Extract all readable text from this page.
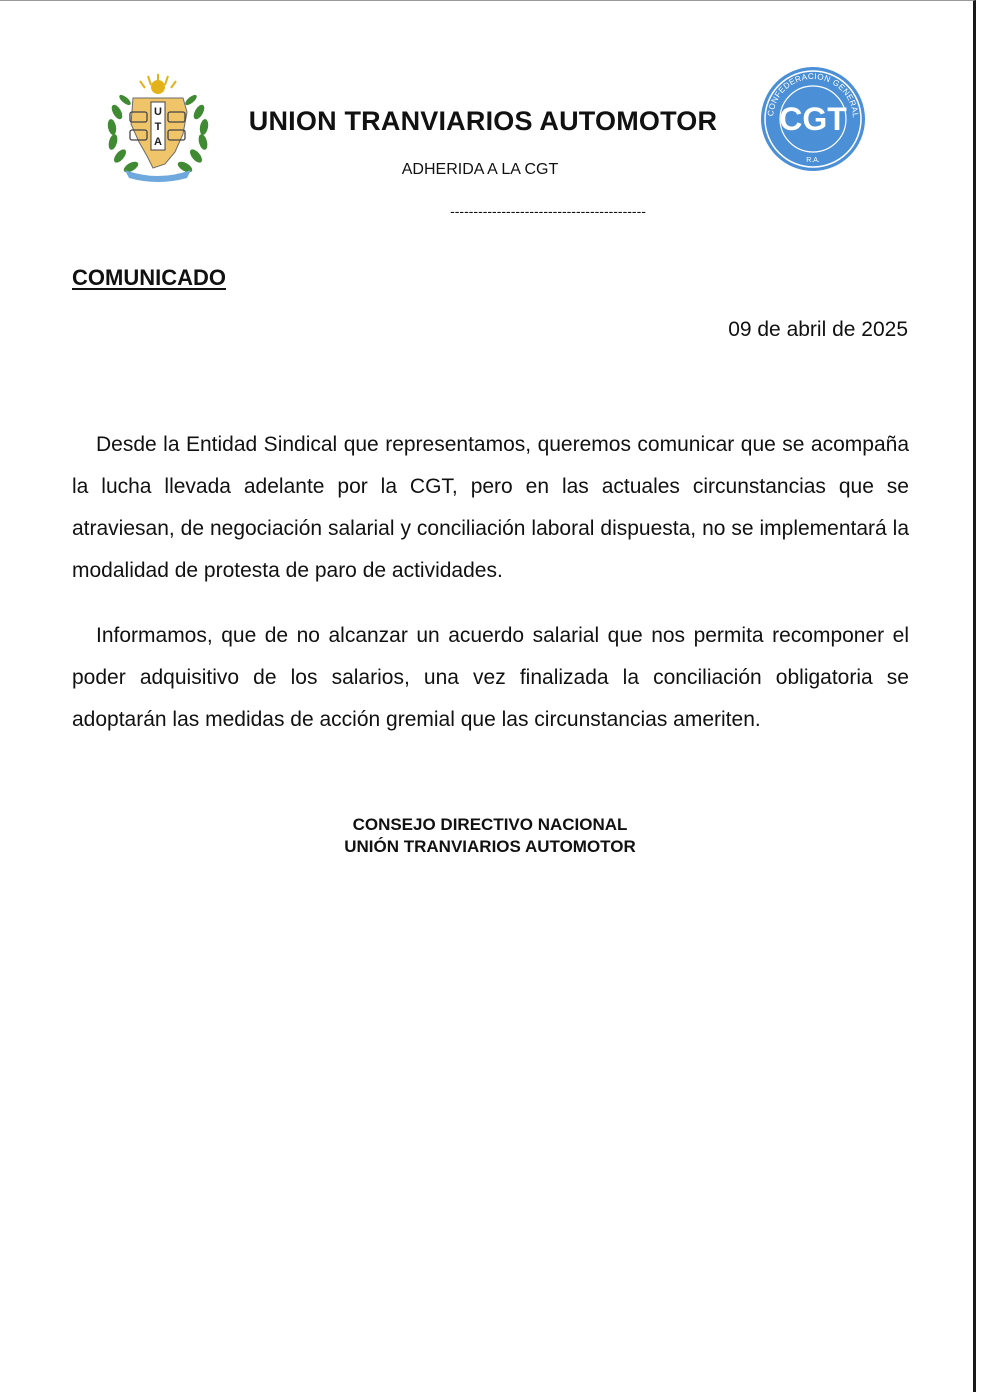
U
T
A
CONFEDERACION GENERAL
CGT
R.A.
UNION TRANVIARIOS AUTOMOTOR
ADHERIDA A LA CGT
------------------------------------------
COMUNICADO
09 de abril de 2025

Desde la Entidad Sindical que representamos, queremos comunicar que se acompaña la lucha llevada adelante por la CGT, pero en las actuales circunstancias que se atraviesan, de negociación salarial y conciliación laboral dispuesta, no se implementará la modalidad de protesta de paro de actividades.

Informamos, que de no alcanzar un acuerdo salarial que nos permita recomponer el poder adquisitivo de los salarios, una vez finalizada la conciliación obligatoria se adoptarán las medidas de acción gremial que las circunstancias ameriten.

CONSEJO DIRECTIVO NACIONAL
UNIÓN TRANVIARIOS AUTOMOTOR
